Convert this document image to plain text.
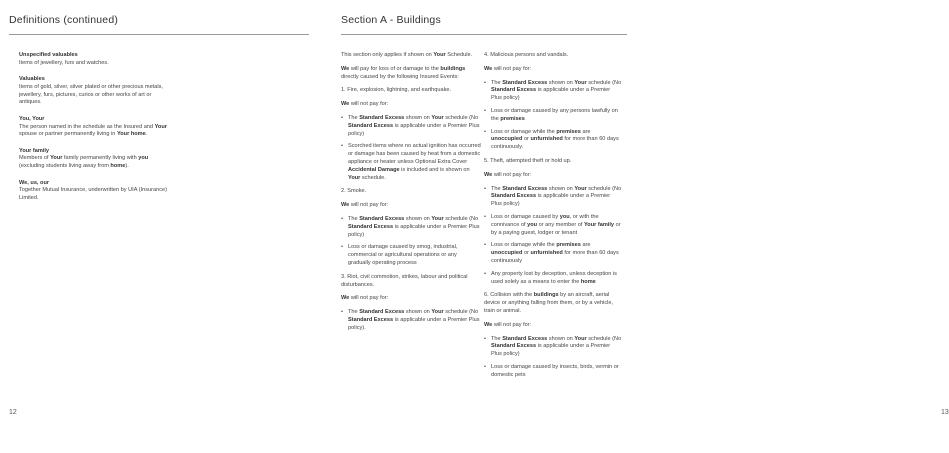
Definitions (continued)
Unspecified valuables
Items of jewellery, furs and watches.
Valuables
Items of gold, silver, silver plated or other precious metals, jewellery, furs, pictures, curios or other works of art or antiques.
You, Your
The person named in the schedule as the Insured and Your spouse or partner permanently living in Your home.
Your family
Members of Your family permanently living with you (excluding students living away from home).
We, us, our
Together Mutual Insurance, underwritten by UIA (Insurance) Limited.
12
Section A - Buildings
13

This section only applies if shown on Your Schedule.

We will pay for loss of or damage to the buildings directly caused by the following Insured Events:

1. Fire, explosion, lightning, and earthquake.

We will not pay for:

• The Standard Excess shown on Your schedule (No Standard Excess is applicable under a Premier Plus policy)
• Scorched items where no actual ignition has occurred or damage has been caused by heat from a domestic appliance or heater unless Optional Extra Cover Accidental Damage is included and is shown on Your schedule.

2. Smoke.

We will not pay for:

• The Standard Excess shown on Your schedule (No Standard Excess is applicable under a Premier Plus policy)
• Loss or damage caused by smog, industrial, commercial or agricultural operations or any gradually operating process

3. Riot, civil commotion, strikes, labour and political disturbances.

We will not pay for:

• The Standard Excess shown on Your schedule (No Standard Excess is applicable under a Premier Plus policy).

4. Malicious persons and vandals.

We will not pay for:

• The Standard Excess shown on Your schedule (No Standard Excess is applicable under a Premier Plus policy)
• Loss or damage caused by any persons lawfully on the premises
• Loss or damage while the premises are unoccupied or unfurnished for more than 60 days continuously.

5. Theft, attempted theft or hold up.

We will not pay for:

• The Standard Excess shown on Your schedule (No Standard Excess is applicable under a Premier Plus policy)
• Loss or damage caused by you, or with the connivance of you or any member of Your family or by a paying guest, lodger or tenant
• Loss or damage while the premises are unoccupied or unfurnished for more than 60 days continuously
• Any property lost by deception, unless deception is used solely as a means to enter the home

6. Collision with the buildings by an aircraft, aerial device or anything falling from them, or by a vehicle, train or animal.

We will not pay for:

• The Standard Excess shown on Your schedule (No Standard Excess is applicable under a Premier Plus policy)
• Loss or damage caused by insects, birds, vermin or domestic pets
